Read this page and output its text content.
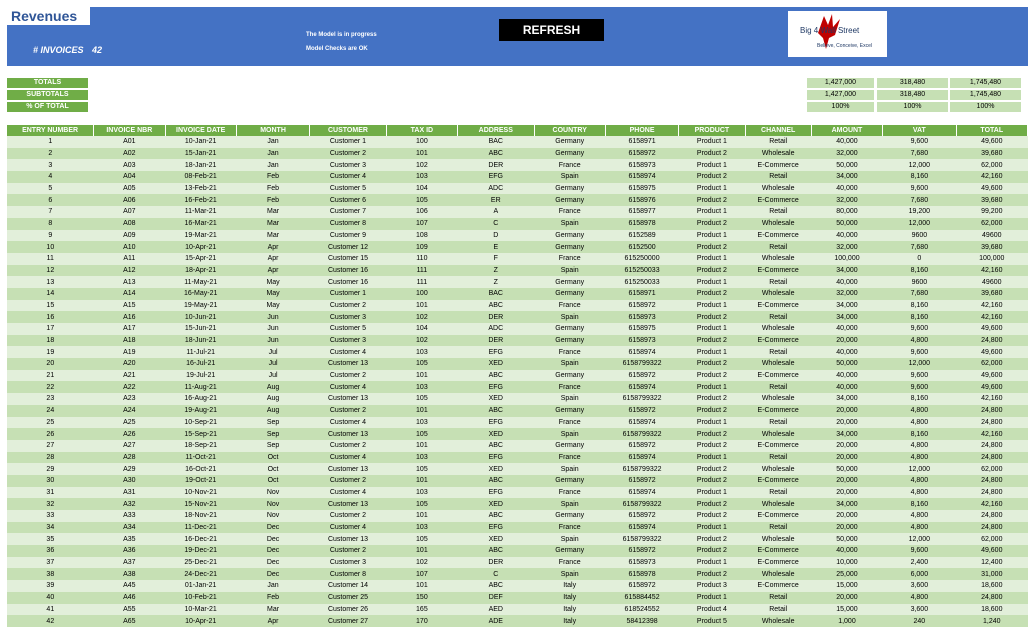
Revenues
# INVOICES 42
The Model is in progress
Model Checks are OK
REFRESH	Big 4 Wall Street
Believe, Conceive, Excel
TOTALS	1,427,000	318,480	1,745,480
SUBTOTALS	1,427,000	318,480	1,745,480
% OF TOTAL	100%	100%	100%
ENTRY NUMBER	INVOICE NBR	INVOICE DATE	MONTH	CUSTOMER	TAX ID	ADDRESS	COUNTRY	PHONE	PRODUCT	CHANNEL	AMOUNT	VAT	TOTAL
1	A01	10-Jan-21	Jan	Customer 1	100	BAC	Germany	6158971	Product 1	Retail	40,000	9,600	49,600
2	A02	15-Jan-21	Jan	Customer 2	101	ABC	Germany	6158972	Product 2	Wholesale	32,000	7,680	39,680
3	A03	18-Jan-21	Jan	Customer 3	102	DER	France	6158973	Product 1	E-Commerce	50,000	12,000	62,000
4	A04	08-Feb-21	Feb	Customer 4	103	EFG	Spain	6158974	Product 2	Retail	34,000	8,160	42,160
5	A05	13-Feb-21	Feb	Customer 5	104	ADC	Germany	6158975	Product 1	Wholesale	40,000	9,600	49,600
6	A06	16-Feb-21	Feb	Customer 6	105	ER	Germany	6158976	Product 2	E-Commerce	32,000	7,680	39,680
7	A07	11-Mar-21	Mar	Customer 7	106	A	France	6158977	Product 1	Retail	80,000	19,200	99,200
8	A08	16-Mar-21	Mar	Customer 8	107	C	Spain	6158978	Product 2	Wholesale	50,000	12,000	62,000
9	A09	19-Mar-21	Mar	Customer 9	108	D	Germany	6152589	Product 1	E-Commerce	40,000	9600	49600
10	A10	10-Apr-21	Apr	Customer 12	109	E	Germany	6152500	Product 2	Retail	32,000	7,680	39,680
11	A11	15-Apr-21	Apr	Customer 15	110	F	France	615250000	Product 1	Wholesale	100,000	0	100,000
12	A12	18-Apr-21	Apr	Customer 16	111	Z	Spain	615250033	Product 2	E-Commerce	34,000	8,160	42,160
13	A13	11-May-21	May	Customer 16	111	Z	Germany	615250033	Product 1	Retail	40,000	9600	49600
14	A14	16-May-21	May	Customer 1	100	BAC	Germany	6158971	Product 2	Wholesale	32,000	7,680	39,680
15	A15	19-May-21	May	Customer 2	101	ABC	France	6158972	Product 1	E-Commerce	34,000	8,160	42,160
16	A16	10-Jun-21	Jun	Customer 3	102	DER	Spain	6158973	Product 2	Retail	34,000	8,160	42,160
17	A17	15-Jun-21	Jun	Customer 5	104	ADC	Germany	6158975	Product 1	Wholesale	40,000	9,600	49,600
18	A18	18-Jun-21	Jun	Customer 3	102	DER	Germany	6158973	Product 2	E-Commerce	20,000	4,800	24,800
19	A19	11-Jul-21	Jul	Customer 4	103	EFG	France	6158974	Product 1	Retail	40,000	9,600	49,600
20	A20	16-Jul-21	Jul	Customer 13	105	XED	Spain	6158799322	Product 2	Wholesale	50,000	12,000	62,000
21	A21	19-Jul-21	Jul	Customer 2	101	ABC	Germany	6158972	Product 2	E-Commerce	40,000	9,600	49,600
22	A22	11-Aug-21	Aug	Customer 4	103	EFG	France	6158974	Product 1	Retail	40,000	9,600	49,600
23	A23	16-Aug-21	Aug	Customer 13	105	XED	Spain	6158799322	Product 2	Wholesale	34,000	8,160	42,160
24	A24	19-Aug-21	Aug	Customer 2	101	ABC	Germany	6158972	Product 2	E-Commerce	20,000	4,800	24,800
25	A25	10-Sep-21	Sep	Customer 4	103	EFG	France	6158974	Product 1	Retail	20,000	4,800	24,800
26	A26	15-Sep-21	Sep	Customer 13	105	XED	Spain	6158799322	Product 2	Wholesale	34,000	8,160	42,160
27	A27	18-Sep-21	Sep	Customer 2	101	ABC	Germany	6158972	Product 2	E-Commerce	20,000	4,800	24,800
28	A28	11-Oct-21	Oct	Customer 4	103	EFG	France	6158974	Product 1	Retail	20,000	4,800	24,800
29	A29	16-Oct-21	Oct	Customer 13	105	XED	Spain	6158799322	Product 2	Wholesale	50,000	12,000	62,000
30	A30	19-Oct-21	Oct	Customer 2	101	ABC	Germany	6158972	Product 2	E-Commerce	20,000	4,800	24,800
31	A31	10-Nov-21	Nov	Customer 4	103	EFG	France	6158974	Product 1	Retail	20,000	4,800	24,800
32	A32	15-Nov-21	Nov	Customer 13	105	XED	Spain	6158799322	Product 2	Wholesale	34,000	8,160	42,160
33	A33	18-Nov-21	Nov	Customer 2	101	ABC	Germany	6158972	Product 2	E-Commerce	20,000	4,800	24,800
34	A34	11-Dec-21	Dec	Customer 4	103	EFG	France	6158974	Product 1	Retail	20,000	4,800	24,800
35	A35	16-Dec-21	Dec	Customer 13	105	XED	Spain	6158799322	Product 2	Wholesale	50,000	12,000	62,000
36	A36	19-Dec-21	Dec	Customer 2	101	ABC	Germany	6158972	Product 2	E-Commerce	40,000	9,600	49,600
37	A37	25-Dec-21	Dec	Customer 3	102	DER	France	6158973	Product 1	E-Commerce	10,000	2,400	12,400
38	A38	24-Dec-21	Dec	Customer 8	107	C	Spain	6158978	Product 2	Wholesale	25,000	6,000	31,000
39	A45	01-Jan-21	Jan	Customer 14	101	ABC	Italy	6158972	Product 3	E-Commerce	15,000	3,600	18,600
40	A46	10-Feb-21	Feb	Customer 25	150	DEF	Italy	615884452	Product 1	Retail	20,000	4,800	24,800
41	A55	10-Mar-21	Mar	Customer 26	165	AED	Italy	618524552	Product 4	Retail	15,000	3,600	18,600
42	A65	10-Apr-21	Apr	Customer 27	170	ADE	Italy	58412398	Product 5	Wholesale	1,000	240	1,240
